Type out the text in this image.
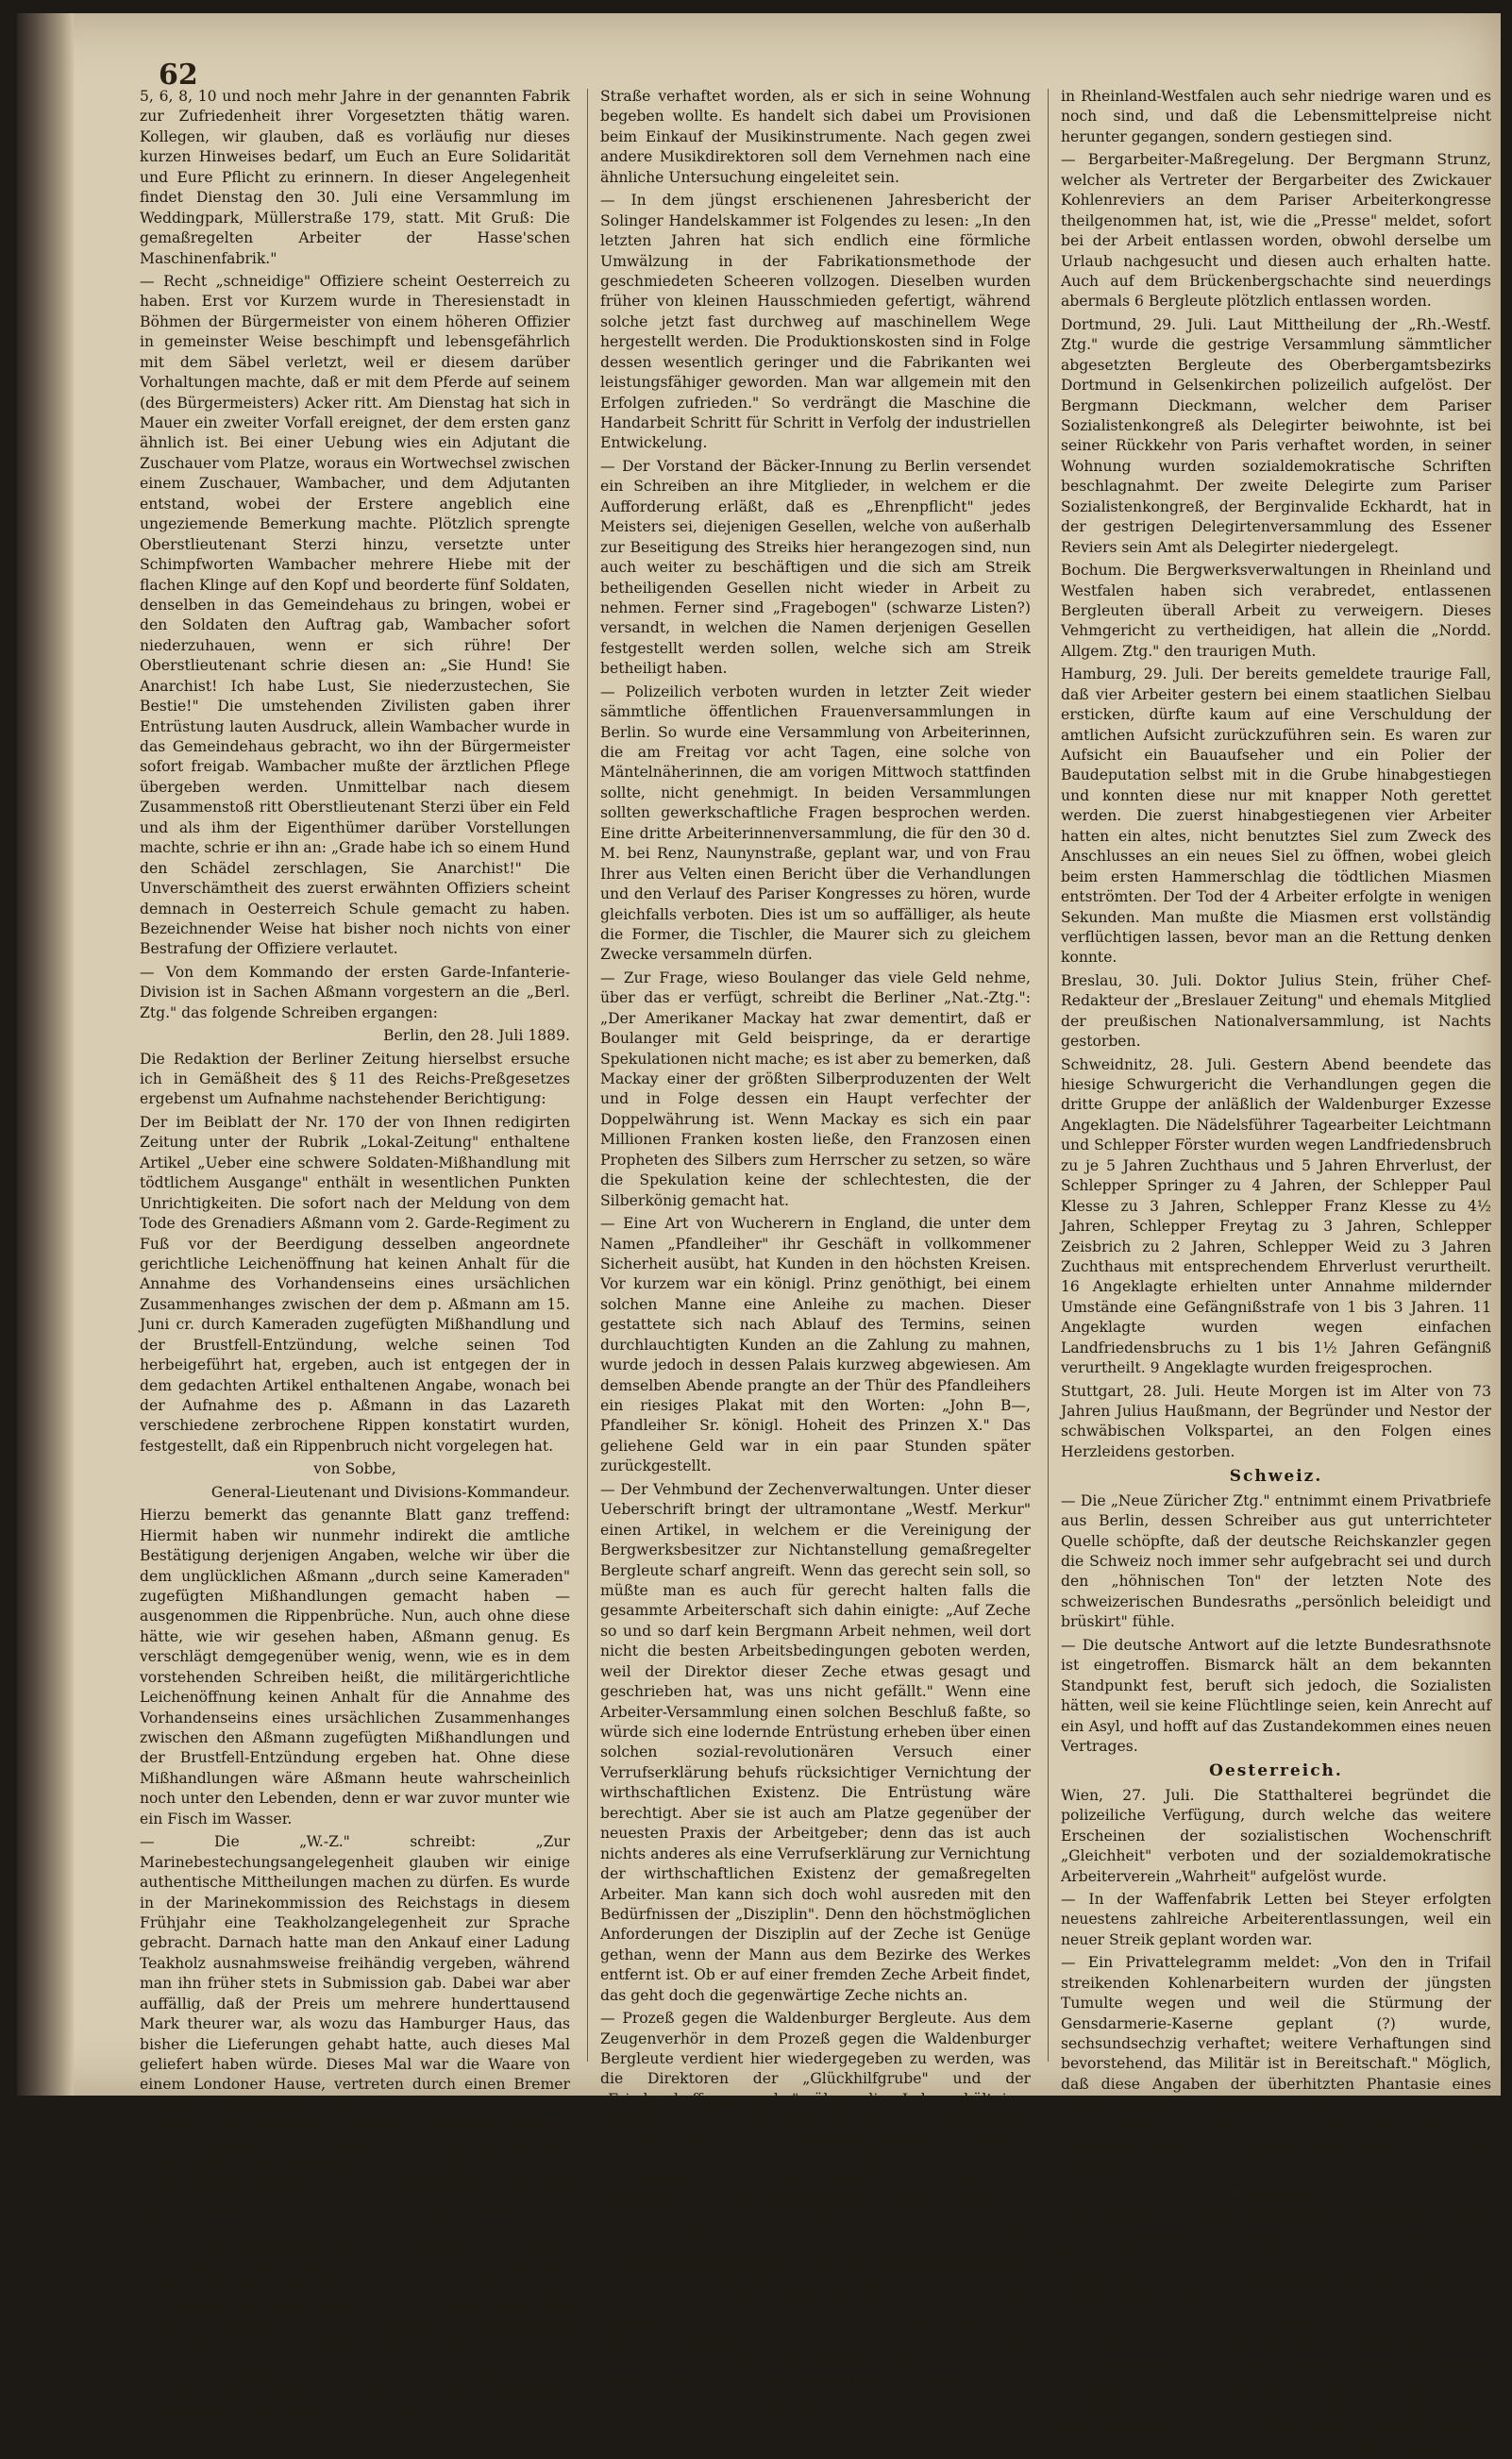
62

5, 6, 8, 10 und noch mehr Jahre in der genannten Fabrik zur Zufriedenheit ihrer Vorgesetzten thätig waren. Kollegen, wir glauben, daß es vorläufig nur dieses kurzen Hinweises bedarf, um Euch an Eure Solidarität und Eure Pflicht zu erinnern. In dieser Angelegenheit findet Dienstag den 30. Juli eine Versammlung im Weddingpark, Müllerstraße 179, statt. Mit Gruß: Die gemaßregelten Arbeiter der Hasse'schen Maschinenfabrik."

— Recht „schneidige" Offiziere scheint Oesterreich zu haben. Erst vor Kurzem wurde in Theresienstadt in Böhmen der Bürgermeister von einem höheren Offizier in gemeinster Weise beschimpft und lebensgefährlich mit dem Säbel verletzt, weil er diesem darüber Vorhaltungen machte, daß er mit dem Pferde auf seinem (des Bürgermeisters) Acker ritt. Am Dienstag hat sich in Mauer ein zweiter Vorfall ereignet, der dem ersten ganz ähnlich ist. Bei einer Uebung wies ein Adjutant die Zuschauer vom Platze, woraus ein Wortwechsel zwischen einem Zuschauer, Wambacher, und dem Adjutanten entstand, wobei der Erstere angeblich eine ungeziemende Bemerkung machte. Plötzlich sprengte Oberstlieutenant Sterzi hinzu, versetzte unter Schimpfworten Wambacher mehrere Hiebe mit der flachen Klinge auf den Kopf und beorderte fünf Soldaten, denselben in das Gemeindehaus zu bringen, wobei er den Soldaten den Auftrag gab, Wambacher sofort niederzuhauen, wenn er sich rühre! Der Oberstlieutenant schrie diesen an: „Sie Hund! Sie Anarchist! Ich habe Lust, Sie niederzustechen, Sie Bestie!" Die umstehenden Zivilisten gaben ihrer Entrüstung lauten Ausdruck, allein Wambacher wurde in das Gemeindehaus gebracht, wo ihn der Bürgermeister sofort freigab. Wambacher mußte der ärztlichen Pflege übergeben werden. Unmittelbar nach diesem Zusammenstoß ritt Oberstlieutenant Sterzi über ein Feld und als ihm der Eigenthümer darüber Vorstellungen machte, schrie er ihn an: „Grade habe ich so einem Hund den Schädel zerschlagen, Sie Anarchist!" Die Unverschämtheit des zuerst erwähnten Offiziers scheint demnach in Oesterreich Schule gemacht zu haben. Bezeichnender Weise hat bisher noch nichts von einer Bestrafung der Offiziere verlautet.

— Von dem Kommando der ersten Garde-Infanterie-Division ist in Sachen Aßmann vorgestern an die „Berl. Ztg." das folgende Schreiben ergangen:

Berlin, den 28. Juli 1889.

Die Redaktion der Berliner Zeitung hierselbst ersuche ich in Gemäßheit des § 11 des Reichs-Preßgesetzes ergebenst um Aufnahme nachstehender Berichtigung:

Der im Beiblatt der Nr. 170 der von Ihnen redigirten Zeitung unter der Rubrik „Lokal-Zeitung" enthaltene Artikel „Ueber eine schwere Soldaten-Mißhandlung mit tödtlichem Ausgange" enthält in wesentlichen Punkten Unrichtigkeiten. Die sofort nach der Meldung von dem Tode des Grenadiers Aßmann vom 2. Garde-Regiment zu Fuß vor der Beerdigung desselben angeordnete gerichtliche Leichenöffnung hat keinen Anhalt für die Annahme des Vorhandenseins eines ursächlichen Zusammenhanges zwischen der dem p. Aßmann am 15. Juni cr. durch Kameraden zugefügten Mißhandlung und der Brustfell-Entzündung, welche seinen Tod herbeigeführt hat, ergeben, auch ist entgegen der in dem gedachten Artikel enthaltenen Angabe, wonach bei der Aufnahme des p. Aßmann in das Lazareth verschiedene zerbrochene Rippen konstatirt wurden, festgestellt, daß ein Rippenbruch nicht vorgelegen hat.

von Sobbe,

General-Lieutenant und Divisions-Kommandeur.

Hierzu bemerkt das genannte Blatt ganz treffend: Hiermit haben wir nunmehr indirekt die amtliche Bestätigung derjenigen Angaben, welche wir über die dem unglücklichen Aßmann „durch seine Kameraden" zugefügten Mißhandlungen gemacht haben — ausgenommen die Rippenbrüche. Nun, auch ohne diese hätte, wie wir gesehen haben, Aßmann genug. Es verschlägt demgegenüber wenig, wenn, wie es in dem vorstehenden Schreiben heißt, die militärgerichtliche Leichenöffnung keinen Anhalt für die Annahme des Vorhandenseins eines ursächlichen Zusammenhanges zwischen den Aßmann zugefügten Mißhandlungen und der Brustfell-Entzündung ergeben hat. Ohne diese Mißhandlungen wäre Aßmann heute wahrscheinlich noch unter den Lebenden, denn er war zuvor munter wie ein Fisch im Wasser.

— Die „W.-Z." schreibt: „Zur Marinebestechungsangelegenheit glauben wir einige authentische Mittheilungen machen zu dürfen. Es wurde in der Marinekommission des Reichstags in diesem Frühjahr eine Teakholzangelegenheit zur Sprache gebracht. Darnach hatte man den Ankauf einer Ladung Teakholz ausnahmsweise freihändig vergeben, während man ihn früher stets in Submission gab. Dabei war aber auffällig, daß der Preis um mehrere hunderttausend Mark theurer war, als wozu das Hamburger Haus, das bisher die Lieferungen gehabt hatte, auch dieses Mal geliefert haben würde. Dieses Mal war die Waare von einem Londoner Hause, vertreten durch einen Bremer Agenten (Warnebold) geliefert. Die Waare soll zwar gut gewesen sein, allein der kolossale freihändig bezahlte Preis veranlaßte den bisherigen Lieferanten auf der Werft selbst zu den lautesten Vorwürfen, die man nur mit Mühe gestillt wurden. Als die Untersuchung eingeleitet war, wurden die Bücher des Bremer Agenten mit Beschlag belegt. Letzterer hält sich seitdem im Auslande auf. Ob die Verhaftung eines Großhändlers in Minden, von welchem die Marine viel Proviant zu beziehen pflegte, mit dieser Teakholzgeschichte zusammenhängt, ist uns nicht bekannt. Ebenso ist uns nichts weiter von einem Kieler Korrespondenten gemeldeten Verschwinden einer Ladung Teakholz bekannt."

— Bestechungsgeschichten im deutschen Heere. Aus Dresden wird gemeldet, dort sei ein königlicher Musikdirektor am Mittwoch auf offener

Straße verhaftet worden, als er sich in seine Wohnung begeben wollte. Es handelt sich dabei um Provisionen beim Einkauf der Musikinstrumente. Nach gegen zwei andere Musikdirektoren soll dem Vernehmen nach eine ähnliche Untersuchung eingeleitet sein.

— In dem jüngst erschienenen Jahresbericht der Solinger Handelskammer ist Folgendes zu lesen: „In den letzten Jahren hat sich endlich eine förmliche Umwälzung in der Fabrikationsmethode der geschmiedeten Scheeren vollzogen. Dieselben wurden früher von kleinen Hausschmieden gefertigt, während solche jetzt fast durchweg auf maschinellem Wege hergestellt werden. Die Produktionskosten sind in Folge dessen wesentlich geringer und die Fabrikanten wei leistungsfähiger geworden. Man war allgemein mit den Erfolgen zufrieden." So verdrängt die Maschine die Handarbeit Schritt für Schritt in Verfolg der industriellen Entwickelung.

— Der Vorstand der Bäcker-Innung zu Berlin versendet ein Schreiben an ihre Mitglieder, in welchem er die Aufforderung erläßt, daß es „Ehrenpflicht" jedes Meisters sei, diejenigen Gesellen, welche von außerhalb zur Beseitigung des Streiks hier herangezogen sind, nun auch weiter zu beschäftigen und die sich am Streik betheiligenden Gesellen nicht wieder in Arbeit zu nehmen. Ferner sind „Fragebogen" (schwarze Listen?) versandt, in welchen die Namen derjenigen Gesellen festgestellt werden sollen, welche sich am Streik betheiligt haben.

— Polizeilich verboten wurden in letzter Zeit wieder sämmtliche öffentlichen Frauenversammlungen in Berlin. So wurde eine Versammlung von Arbeiterinnen, die am Freitag vor acht Tagen, eine solche von Mäntelnäherinnen, die am vorigen Mittwoch stattfinden sollte, nicht genehmigt. In beiden Versammlungen sollten gewerkschaftliche Fragen besprochen werden. Eine dritte Arbeiterinnenversammlung, die für den 30 d. M. bei Renz, Naunynstraße, geplant war, und von Frau Ihrer aus Velten einen Bericht über die Verhandlungen und den Verlauf des Pariser Kongresses zu hören, wurde gleichfalls verboten. Dies ist um so auffälliger, als heute die Former, die Tischler, die Maurer sich zu gleichem Zwecke versammeln dürfen.

— Zur Frage, wieso Boulanger das viele Geld nehme, über das er verfügt, schreibt die Berliner „Nat.-Ztg.": „Der Amerikaner Mackay hat zwar dementirt, daß er Boulanger mit Geld beispringe, da er derartige Spekulationen nicht mache; es ist aber zu bemerken, daß Mackay einer der größten Silberproduzenten der Welt und in Folge dessen ein Haupt verfechter der Doppelwährung ist. Wenn Mackay es sich ein paar Millionen Franken kosten ließe, den Franzosen einen Propheten des Silbers zum Herrscher zu setzen, so wäre die Spekulation keine der schlechtesten, die der Silberkönig gemacht hat.

— Eine Art von Wucherern in England, die unter dem Namen „Pfandleiher" ihr Geschäft in vollkommener Sicherheit ausübt, hat Kunden in den höchsten Kreisen. Vor kurzem war ein königl. Prinz genöthigt, bei einem solchen Manne eine Anleihe zu machen. Dieser gestattete sich nach Ablauf des Termins, seinen durchlauchtigten Kunden an die Zahlung zu mahnen, wurde jedoch in dessen Palais kurzweg abgewiesen. Am demselben Abende prangte an der Thür des Pfandleihers ein riesiges Plakat mit den Worten: „John B—, Pfandleiher Sr. königl. Hoheit des Prinzen X." Das geliehene Geld war in ein paar Stunden später zurückgestellt.

— Der Vehmbund der Zechenverwaltungen. Unter dieser Ueberschrift bringt der ultramontane „Westf. Merkur" einen Artikel, in welchem er die Vereinigung der Bergwerksbesitzer zur Nichtanstellung gemaßregelter Bergleute scharf angreift. Wenn das gerecht sein soll, so müßte man es auch für gerecht halten falls die gesammte Arbeiterschaft sich dahin einigte: „Auf Zeche so und so darf kein Bergmann Arbeit nehmen, weil dort nicht die besten Arbeitsbedingungen geboten werden, weil der Direktor dieser Zeche etwas gesagt und geschrieben hat, was uns nicht gefällt." Wenn eine Arbeiter-Versammlung einen solchen Beschluß faßte, so würde sich eine lodernde Entrüstung erheben über einen solchen sozial-revolutionären Versuch einer Verrufserklärung behufs rücksichtiger Vernichtung der wirthschaftlichen Existenz. Die Entrüstung wäre berechtigt. Aber sie ist auch am Platze gegenüber der neuesten Praxis der Arbeitgeber; denn das ist auch nichts anderes als eine Verrufserklärung zur Vernichtung der wirthschaftlichen Existenz der gemaßregelten Arbeiter. Man kann sich doch wohl ausreden mit den Bedürfnissen der „Disziplin". Denn den höchstmöglichen Anforderungen der Disziplin auf der Zeche ist Genüge gethan, wenn der Mann aus dem Bezirke des Werkes entfernt ist. Ob er auf einer fremden Zeche Arbeit findet, das geht doch die gegenwärtige Zeche nichts an.

— Prozeß gegen die Waldenburger Bergleute. Aus dem Zeugenverhör in dem Prozeß gegen die Waldenburger Bergleute verdient hier wiedergegeben zu werden, was die Direktoren der „Glückhilfgrube" und der „Friedenshoffnungsgrube" über die Lohnverhältnisse anführen. Danach betrugen auf der „Glückhilfsgrube", die mit dem Heydt-, Viktoria-, Wrangel-, Hedwig-, Glückauf- und Erbstollenschacht eine Gesammtbelegschaft von 3800 Mann zählt, die Häuerlöhne für die zehnstündige Schicht „schon seit vielen Jahren" 2,40 Mk., die Schlepperlöhne durchschnittlich 1,90 Mk. Bei der „Friedenshoffnungsgrube", die mit Schwesterschächten und dem Guibalschacht 1800 Mann Belegschaft hat, erhielten Ende März 1888 die Häuer 2,28 Mk., die Schlepper 1,64 Mk., Ende März 1889 die Häuer 2,49 Mk., die Schlepper 1,82 Mk., es hat somit im letzten Jahre allerdings eine Lohnaufbesserung von 9—11 pCt. stattgefunden, aber man muß in Betracht ziehen, daß die Löhne im Vergleich zu denen

in Rheinland-Westfalen auch sehr niedrige waren und es noch sind, und daß die Lebensmittelpreise nicht herunter gegangen, sondern gestiegen sind.

— Bergarbeiter-Maßregelung. Der Bergmann Strunz, welcher als Vertreter der Bergarbeiter des Zwickauer Kohlenreviers an dem Pariser Arbeiterkongresse theilgenommen hat, ist, wie die „Presse" meldet, sofort bei der Arbeit entlassen worden, obwohl derselbe um Urlaub nachgesucht und diesen auch erhalten hatte. Auch auf dem Brückenbergschachte sind neuerdings abermals 6 Bergleute plötzlich entlassen worden.

Dortmund, 29. Juli. Laut Mittheilung der „Rh.-Westf. Ztg." wurde die gestrige Versammlung sämmtlicher abgesetzten Bergleute des Oberbergamtsbezirks Dortmund in Gelsenkirchen polizeilich aufgelöst. Der Bergmann Dieckmann, welcher dem Pariser Sozialistenkongreß als Delegirter beiwohnte, ist bei seiner Rückkehr von Paris verhaftet worden, in seiner Wohnung wurden sozialdemokratische Schriften beschlagnahmt. Der zweite Delegirte zum Pariser Sozialistenkongreß, der Berginvalide Eckhardt, hat in der gestrigen Delegirtenversammlung des Essener Reviers sein Amt als Delegirter niedergelegt.

Bochum. Die Bergwerksverwaltungen in Rheinland und Westfalen haben sich verabredet, entlassenen Bergleuten überall Arbeit zu verweigern. Dieses Vehmgericht zu vertheidigen, hat allein die „Nordd. Allgem. Ztg." den traurigen Muth.

Hamburg, 29. Juli. Der bereits gemeldete traurige Fall, daß vier Arbeiter gestern bei einem staatlichen Sielbau ersticken, dürfte kaum auf eine Verschuldung der amtlichen Aufsicht zurückzuführen sein. Es waren zur Aufsicht ein Bauaufseher und ein Polier der Baudeputation selbst mit in die Grube hinabgestiegen und konnten diese nur mit knapper Noth gerettet werden. Die zuerst hinabgestiegenen vier Arbeiter hatten ein altes, nicht benutztes Siel zum Zweck des Anschlusses an ein neues Siel zu öffnen, wobei gleich beim ersten Hammerschlag die tödtlichen Miasmen entströmten. Der Tod der 4 Arbeiter erfolgte in wenigen Sekunden. Man mußte die Miasmen erst vollständig verflüchtigen lassen, bevor man an die Rettung denken konnte.

Breslau, 30. Juli. Doktor Julius Stein, früher Chef-Redakteur der „Breslauer Zeitung" und ehemals Mitglied der preußischen Nationalversammlung, ist Nachts gestorben.

Schweidnitz, 28. Juli. Gestern Abend beendete das hiesige Schwurgericht die Verhandlungen gegen die dritte Gruppe der anläßlich der Waldenburger Exzesse Angeklagten. Die Nädelsführer Tagearbeiter Leichtmann und Schlepper Förster wurden wegen Landfriedensbruch zu je 5 Jahren Zuchthaus und 5 Jahren Ehrverlust, der Schlepper Springer zu 4 Jahren, der Schlepper Paul Klesse zu 3 Jahren, Schlepper Franz Klesse zu 4½ Jahren, Schlepper Freytag zu 3 Jahren, Schlepper Zeisbrich zu 2 Jahren, Schlepper Weid zu 3 Jahren Zuchthaus mit entsprechendem Ehrverlust verurtheilt. 16 Angeklagte erhielten unter Annahme mildernder Umstände eine Gefängnißstrafe von 1 bis 3 Jahren. 11 Angeklagte wurden wegen einfachen Landfriedensbruchs zu 1 bis 1½ Jahren Gefängniß verurtheilt. 9 Angeklagte wurden freigesprochen.

Stuttgart, 28. Juli. Heute Morgen ist im Alter von 73 Jahren Julius Haußmann, der Begründer und Nestor der schwäbischen Volkspartei, an den Folgen eines Herzleidens gestorben.

Schweiz.

— Die „Neue Züricher Ztg." entnimmt einem Privatbriefe aus Berlin, dessen Schreiber aus gut unterrichteter Quelle schöpfte, daß der deutsche Reichskanzler gegen die Schweiz noch immer sehr aufgebracht sei und durch den „höhnischen Ton" der letzten Note des schweizerischen Bundesraths „persönlich beleidigt und brüskirt" fühle.

— Die deutsche Antwort auf die letzte Bundesrathsnote ist eingetroffen. Bismarck hält an dem bekannten Standpunkt fest, beruft sich jedoch, die Sozialisten hätten, weil sie keine Flüchtlinge seien, kein Anrecht auf ein Asyl, und hofft auf das Zustandekommen eines neuen Vertrages.

Oesterreich.

Wien, 27. Juli. Die Statthalterei begründet die polizeiliche Verfügung, durch welche das weitere Erscheinen der sozialistischen Wochenschrift „Gleichheit" verboten und der sozialdemokratische Arbeiterverein „Wahrheit" aufgelöst wurde.

— In der Waffenfabrik Letten bei Steyer erfolgten neuestens zahlreiche Arbeiterentlassungen, weil ein neuer Streik geplant worden war.

— Ein Privattelegramm meldet: „Von den in Trifail streikenden Kohlenarbeitern wurden der jüngsten Tumulte wegen und weil die Stürmung der Gensdarmerie-Kaserne geplant (?) wurde, sechsundsechzig verhaftet; weitere Verhaftungen sind bevorstehend, das Militär ist in Bereitschaft." Möglich, daß diese Angaben der überhitzten Phantasie eines Privattelegraphen entsprungen sind.

— In Hrastnigg wurden die Wirthe aufgefordert, den Arbeitern nichts zu borgen. Das wird uns nicht mitgetheilt.

Rußland.

Petersburg. Das Gesetz, wodurch für Privatlehranstalten in den baltischen Provinzen die russische Sprache als Unterrichtssprache eingeführt wird, ist nunmehr veröffentlicht. Der Religionsunterricht wird durch das Gesetz nicht berührt.

Serbien.

— Die „Neue Freie Presse" veröffentlicht ein Rundschreiben des Metropoliten Michael, wonach derselbe die Amtsführung seines Vorgängers als ungesetzlich betrachtet und die Beschlüsse der Bischofssynode die Gültigkeit aller Entscheidungen, welche der Metropolit Theodosius getroffen, prüfen
